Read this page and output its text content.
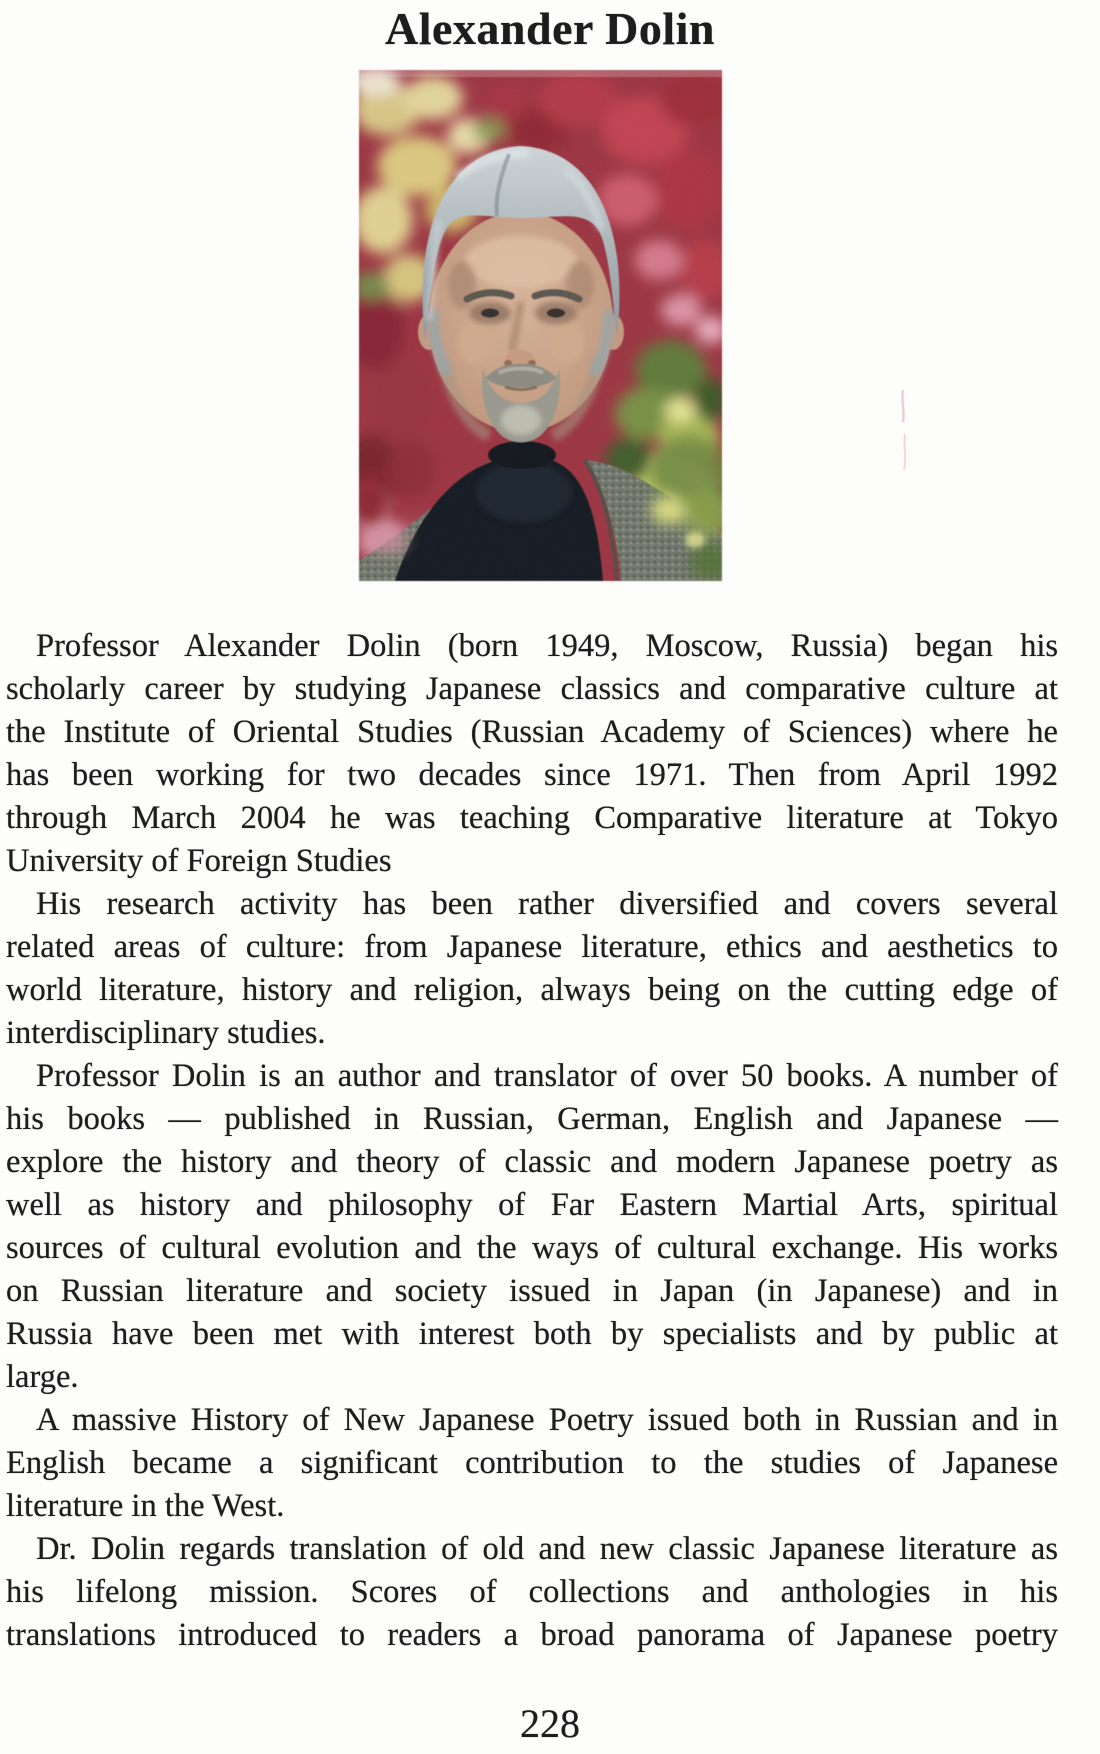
Alexander Dolin
Professor Alexander Dolin (born 1949, Moscow, Russia) began his
scholarly career by studying Japanese classics and comparative culture at
the Institute of Oriental Studies (Russian Academy of Sciences) where he
has been working for two decades since 1971. Then from April 1992
through March 2004 he was teaching Comparative literature at Tokyo
University of Foreign Studies
His research activity has been rather diversified and covers several
related areas of culture: from Japanese literature, ethics and aesthetics to
world literature, history and religion, always being on the cutting edge of
interdisciplinary studies.
Professor Dolin is an author and translator of over 50 books. A number of
his books — published in Russian, German, English and Japanese —
explore the history and theory of classic and modern Japanese poetry as
well as history and philosophy of Far Eastern Martial Arts, spiritual
sources of cultural evolution and the ways of cultural exchange. His works
on Russian literature and society issued in Japan (in Japanese) and in
Russia have been met with interest both by specialists and by public at
large.
A massive History of New Japanese Poetry issued both in Russian and in
English became a significant contribution to the studies of Japanese
literature in the West.
Dr. Dolin regards translation of old and new classic Japanese literature as
his lifelong mission. Scores of collections and anthologies in his
translations introduced to readers a broad panorama of Japanese poetry
228
